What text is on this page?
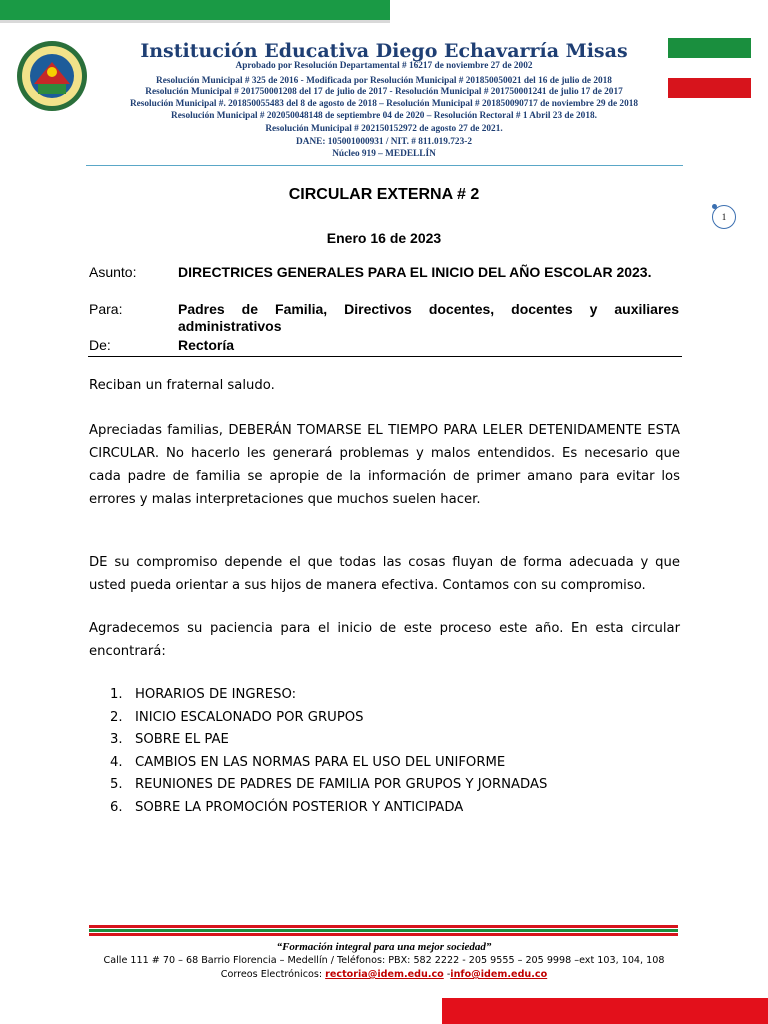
Institución Educativa Diego Echavarría Misas
Aprobado por Resolución Departamental # 16217 de noviembre 27 de 2002
Resolución Municipal # 325 de 2016 - Modificada por Resolución Municipal # 201850050021 del 16 de julio de 2018
Resolución Municipal # 201750001208 del 17 de julio de 2017 - Resolución Municipal # 201750001241 de julio 17 de 2017
Resolución Municipal #. 201850055483 del 8 de agosto de 2018 – Resolución Municipal # 201850090717 de noviembre 29 de 2018
Resolución Municipal # 202050048148 de septiembre 04 de 2020 – Resolución Rectoral # 1 Abril 23 de 2018.
Resolución Municipal # 202150152972 de agosto 27 de 2021.
DANE: 105001000931 / NIT. # 811.019.723-2
Núcleo 919 – MEDELLÍN
1
CIRCULAR EXTERNA # 2
Enero 16 de 2023
Asunto:	DIRECTRICES GENERALES PARA EL INICIO DEL AÑO ESCOLAR 2023.
Para:	Padres de Familia, Directivos docentes, docentes y auxiliares administrativos
De:	Rectoría
Reciban un fraternal saludo.
Apreciadas familias, DEBERÁN TOMARSE EL TIEMPO PARA LELER DETENIDAMENTE ESTA CIRCULAR. No hacerlo les generará problemas y malos entendidos. Es necesario que cada padre de familia se apropie de la información de primer amano para evitar los errores y malas interpretaciones que muchos suelen hacer.
DE su compromiso depende el que todas las cosas fluyan de forma adecuada y que usted pueda orientar a sus hijos de manera efectiva. Contamos con su compromiso.
Agradecemos su paciencia para el inicio de este proceso este año. En esta circular encontrará:
1. HORARIOS DE INGRESO:
2. INICIO ESCALONADO POR GRUPOS
3. SOBRE EL PAE
4. CAMBIOS EN LAS NORMAS PARA EL USO DEL UNIFORME
5. REUNIONES DE PADRES DE FAMILIA POR GRUPOS Y JORNADAS
6. SOBRE LA PROMOCIÓN POSTERIOR Y ANTICIPADA
“Formación integral para una mejor sociedad”
Calle 111 # 70 – 68 Barrio Florencia – Medellín / Teléfonos: PBX: 582 2222 - 205 9555 – 205 9998 –ext 103, 104, 108
Correos Electrónicos: rectoria@idem.edu.co -info@idem.edu.co
